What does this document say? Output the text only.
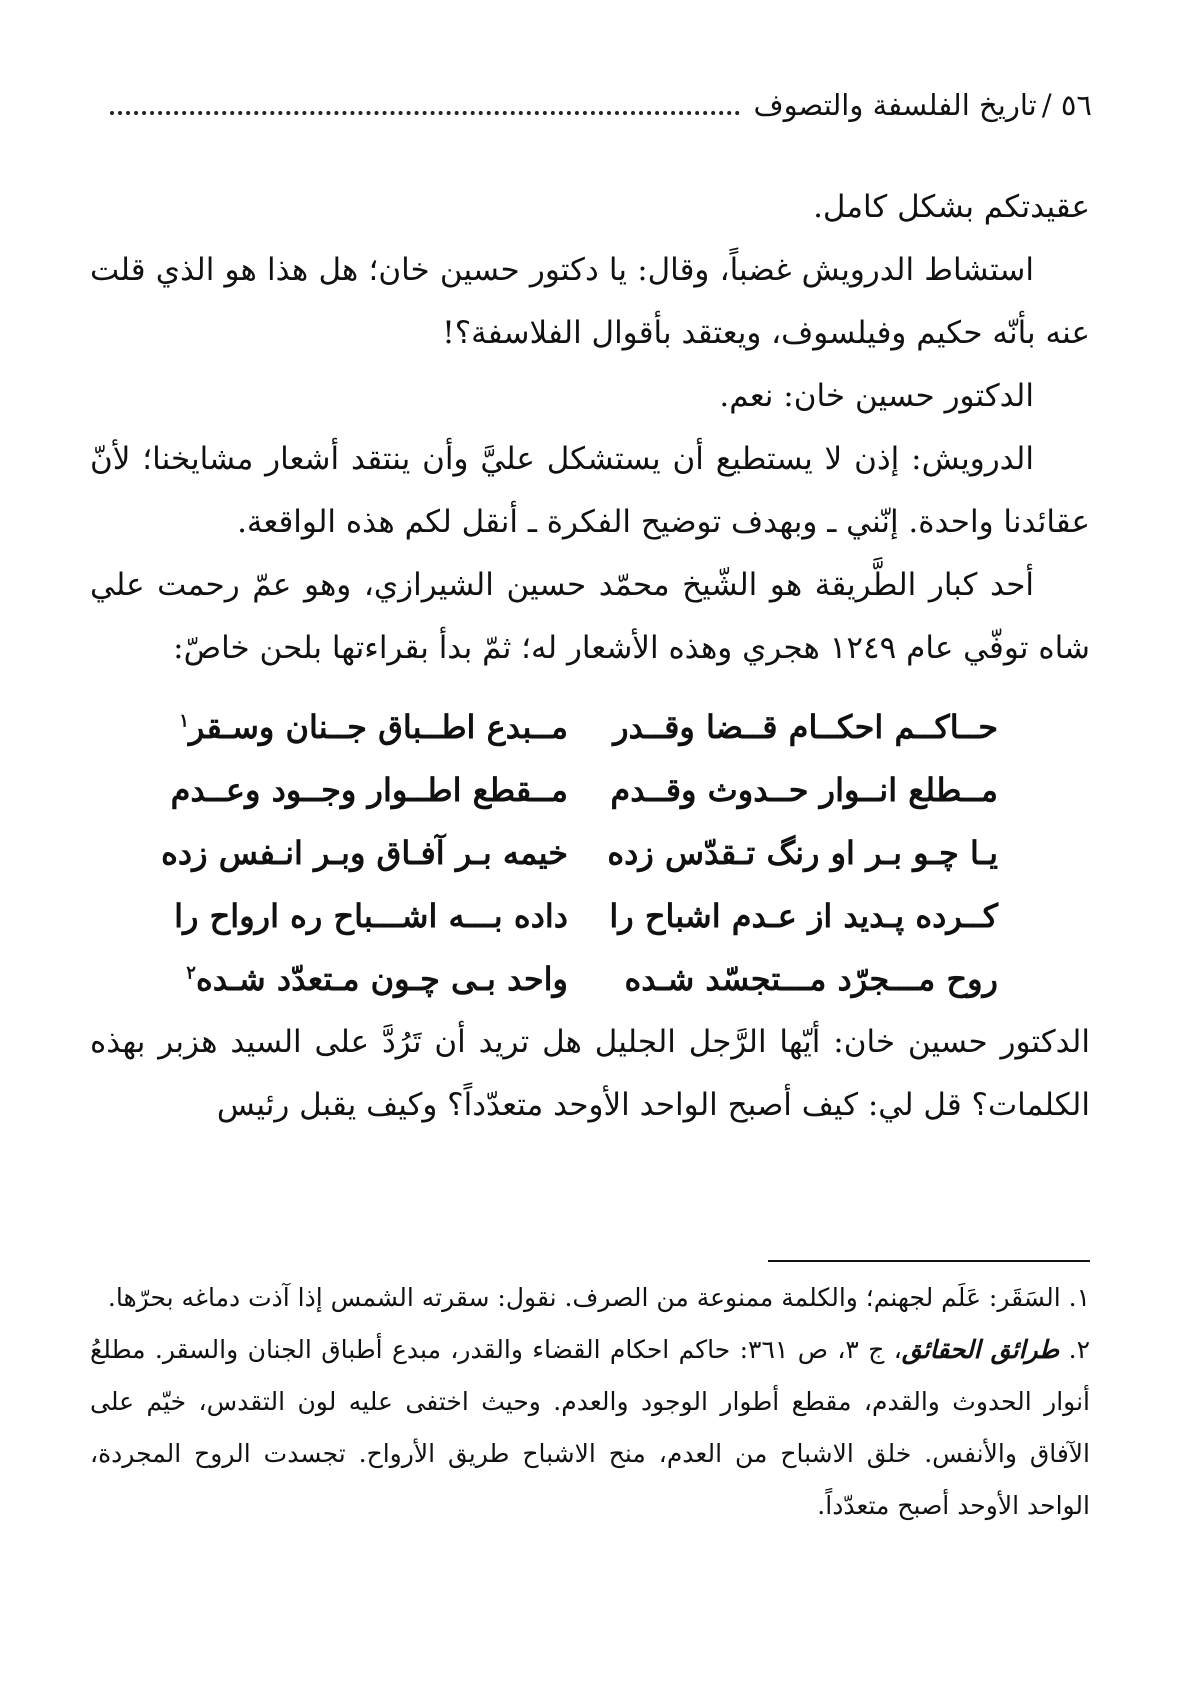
٥٦ /

تاريخ الفلسفة والتصوف

عقيدتكم بشكل كامل.

استشاط الدرويش غضباً، وقال: يا دكتور حسين خان؛ هل هذا هو الذي قلت عنه بأنّه حكيم وفيلسوف، ويعتقد بأقوال الفلاسفة؟!

الدكتور حسين خان: نعم.

الدرويش: إذن لا يستطيع أن يستشكل عليَّ وأن ينتقد أشعار مشايخنا؛ لأنّ عقائدنا واحدة. إنّني ـ وبهدف توضيح الفكرة ـ أنقل لكم هذه الواقعة.

أحد كبار الطَّريقة هو الشّيخ محمّد حسين الشيرازي، وهو عمّ رحمت علي شاه توفّي عام ١٢٤٩ هجري وهذه الأشعار له؛ ثمّ بدأ بقراءتها بلحن خاصّ:

حــاكــم احكــام قــضا وقــدر
مــبدع اطــباق جــنان وسـقر$^١$
مــطلع انــوار حــدوث وقــدم
مــقطع اطــوار وجــود وعــدم
يـا چـو بـر او رنگ تـقدّس زده
خيمه بـر آفـاق وبـر انـفس زده
كــرده پـديد از عـدم اشباح را
داده بـــه اشـــباح ره ارواح را
روح مـــجرّد مـــتجسّد شـده
واحد بـى چـون مـتعدّد شـده$^٢$

الدكتور حسين خان: أيّها الرَّجل الجليل هل تريد أن تَرُدَّ على السيد هزبر بهذه الكلمات؟ قل لي: كيف أصبح الواحد الأوحد متعدّداً؟ وكيف يقبل رئيس

١. السَقَر: عَلَم لجهنم؛ والكلمة ممنوعة من الصرف. نقول: سقرته الشمس إذا آذت دماغه بحرّها.

٢. طرائق الحقائق، ج ٣، ص ٣٦١: حاكم احكام القضاء والقدر، مبدع أطباق الجنان والسقر. مطلعُ أنوار الحدوث والقدم، مقطع أطوار الوجود والعدم. وحيث اختفى عليه لون التقدس، خيّم على الآفاق والأنفس. خلق الاشباح من العدم، منح الاشباح طريق الأرواح. تجسدت الروح المجردة، الواحد الأوحد أصبح متعدّداً.
